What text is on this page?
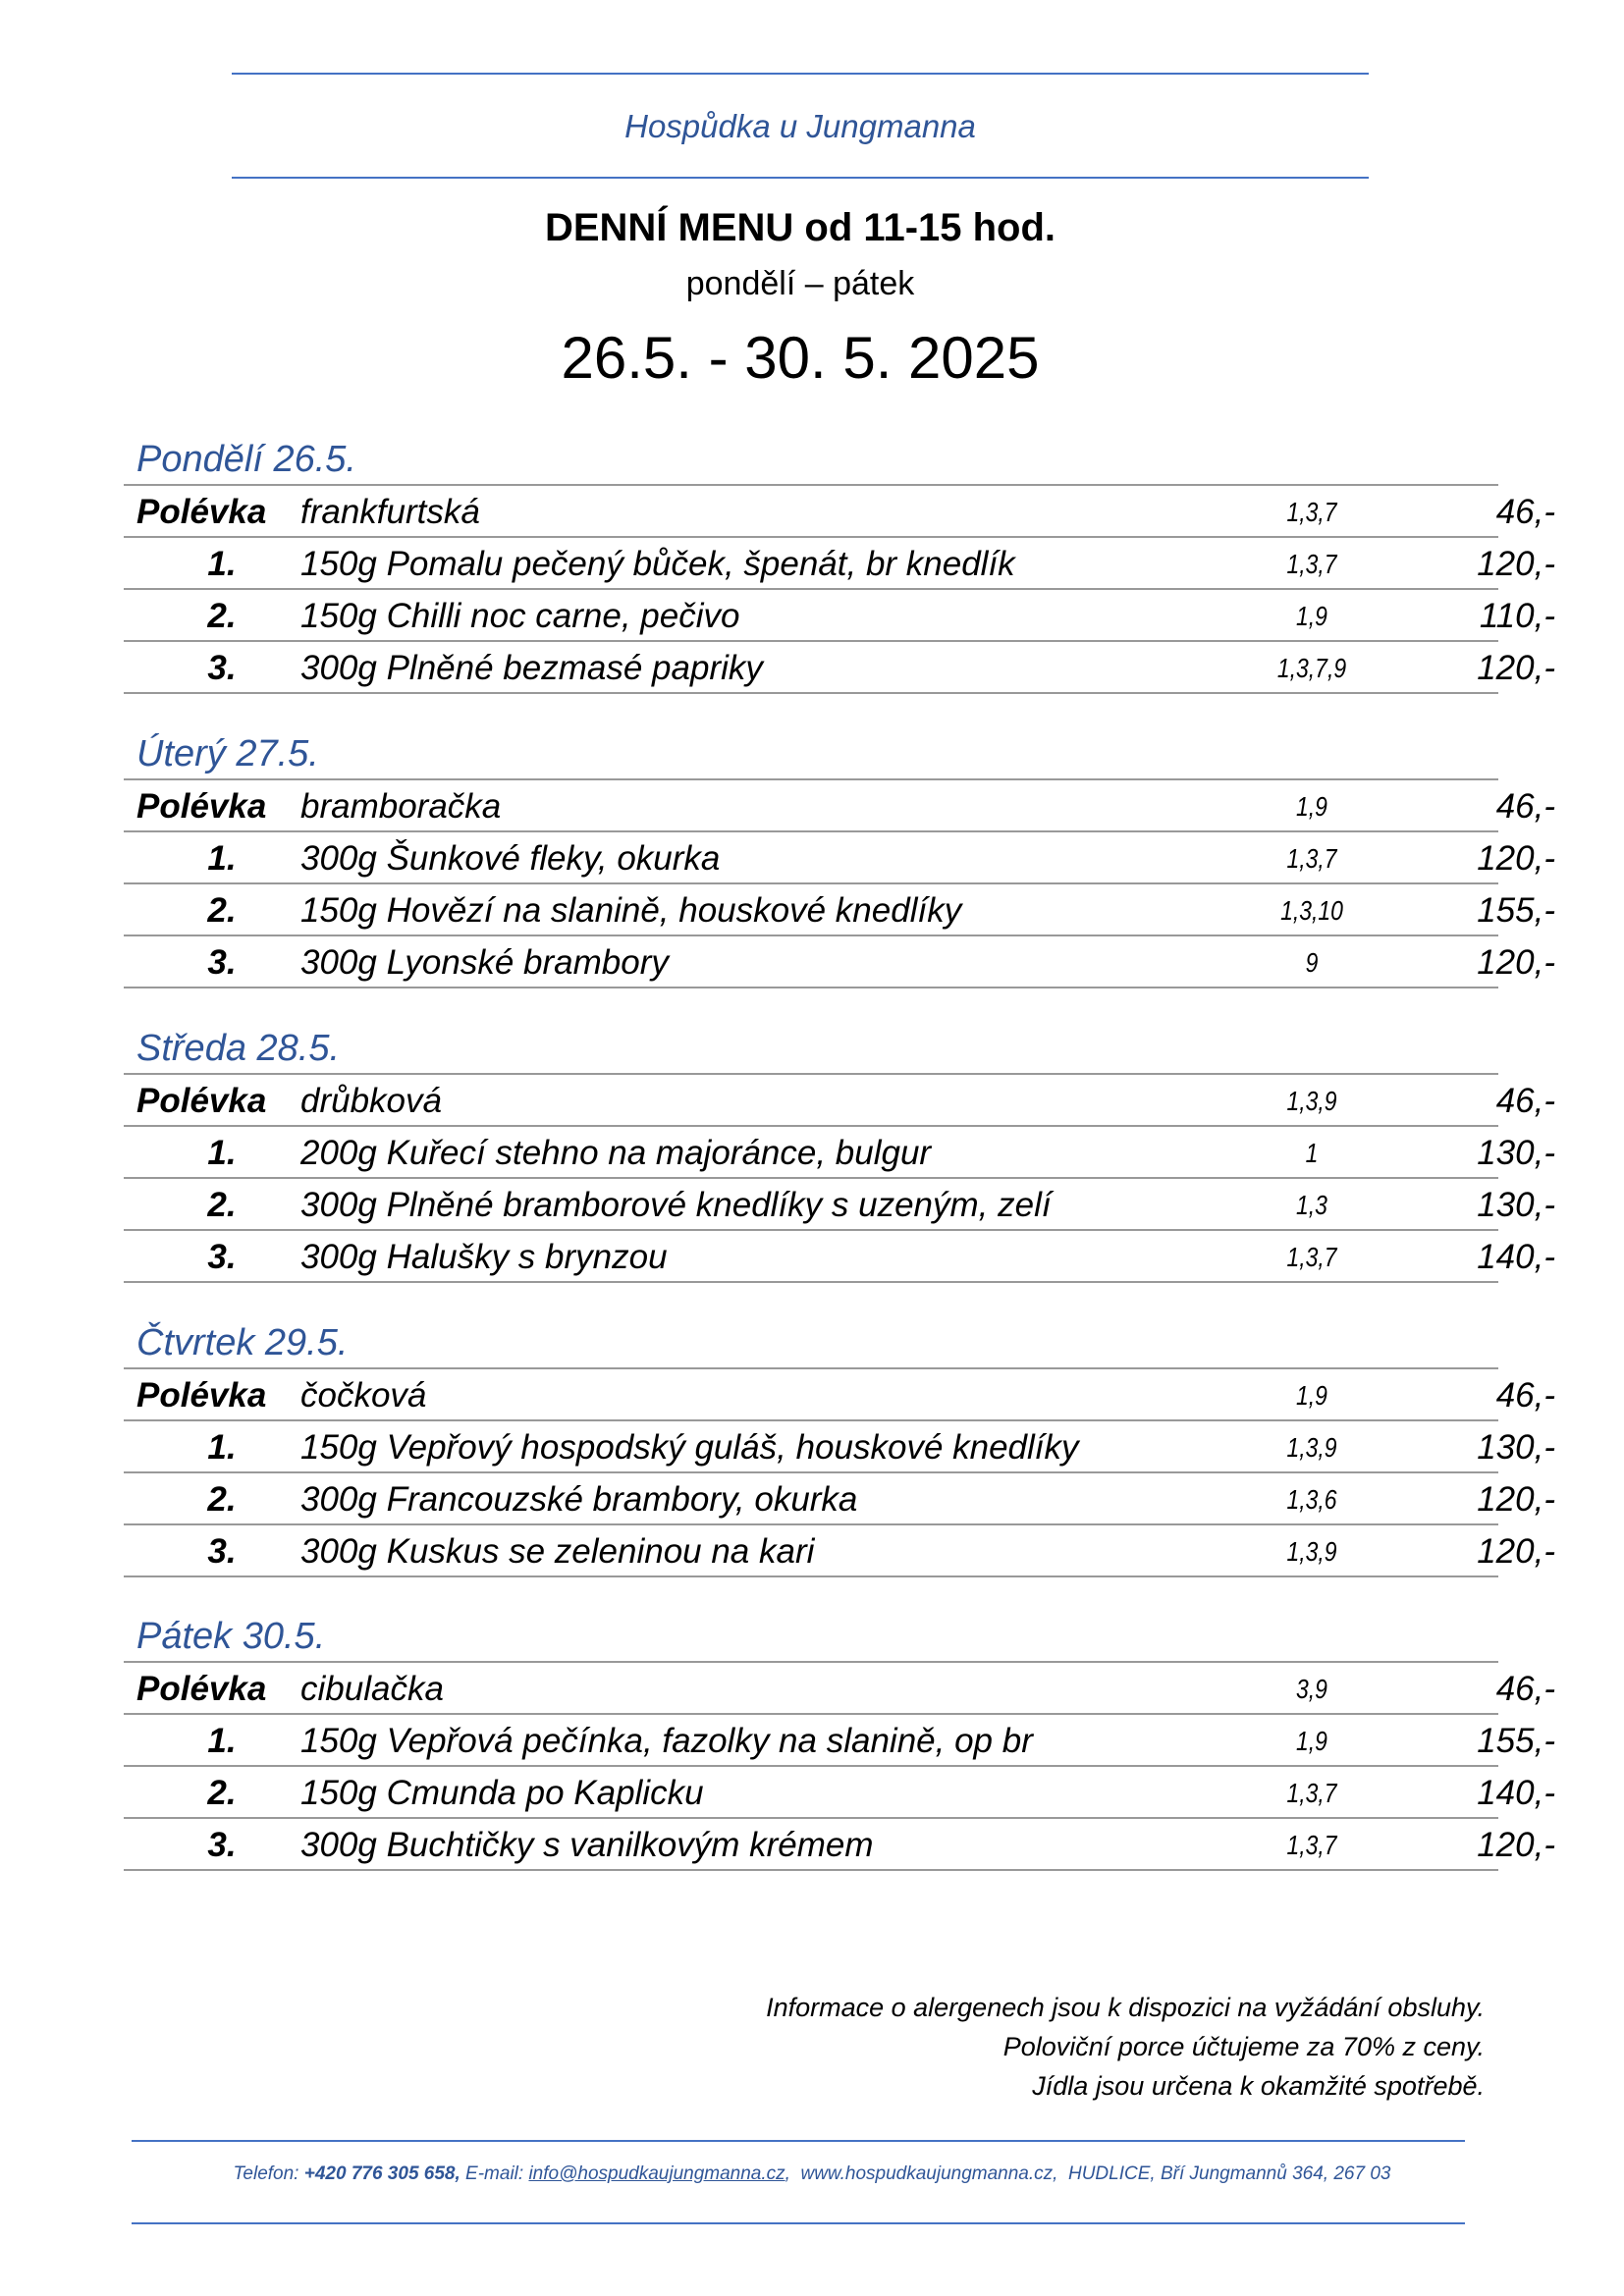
Hospůdka u Jungmanna
DENNÍ MENU od 11-15 hod.
pondělí – pátek
26.5. - 30. 5. 2025
Pondělí 26.5.
Polévka frankfurtská	1,3,7	46,-
1.	150g Pomalu pečený bůček, špenát, br knedlík	1,3,7	120,-
2.	150g Chilli noc carne, pečivo	1,9	110,-
3.	300g Plněné bezmasé papriky	1,3,7,9	120,-
Úterý 27.5.
Polévka bramboračka	1,9	46,-
1.	300g Šunkové fleky, okurka	1,3,7	120,-
2.	150g Hovězí na slanině, houskové knedlíky	1,3,10	155,-
3.	300g Lyonské brambory	9	120,-
Středa 28.5.
Polévka drůbková	1,3,9	46,-
1.	200g Kuřecí stehno na majoránce, bulgur	1	130,-
2.	300g Plněné bramborové knedlíky s uzeným, zelí	1,3	130,-
3.	300g Halušky s brynzou	1,3,7	140,-
Čtvrtek 29.5.
Polévka čočková	1,9	46,-
1.	150g Vepřový hospodský guláš, houskové knedlíky	1,3,9	130,-
2.	300g Francouzské brambory, okurka	1,3,6	120,-
3.	300g Kuskus se zeleninou na kari	1,3,9	120,-
Pátek 30.5.
Polévka cibulačka	3,9	46,-
1.	150g Vepřová pečínka, fazolky na slanině, op br	1,9	155,-
2.	150g Cmunda po Kaplicku	1,3,7	140,-
3.	300g Buchtičky s vanilkovým krémem	1,3,7	120,-
Informace o alergenech jsou k dispozici na vyžádání obsluhy.
Poloviční porce účtujeme za 70% z ceny.
Jídla jsou určena k okamžité spotřebě.
Telefon: +420 776 305 658, E-mail: info@hospudkaujungmanna.cz, www.hospudkaujungmanna.cz, HUDLICE, Bří Jungmannů 364, 267 03
